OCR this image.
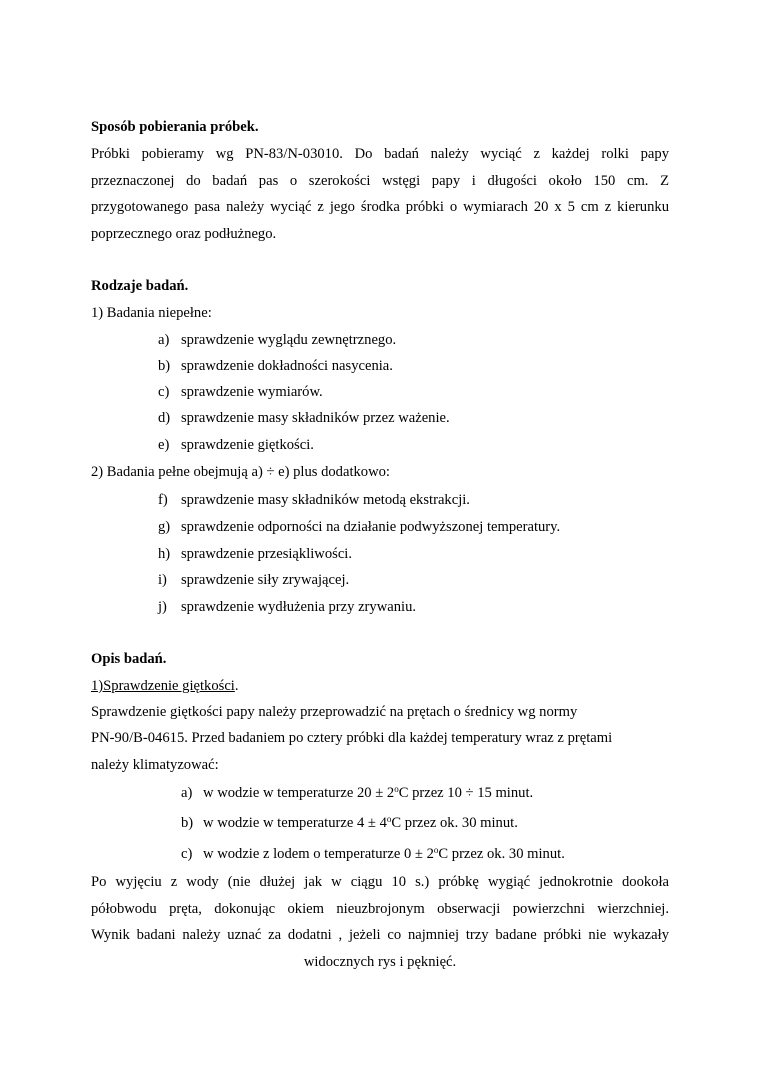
Sposób pobierania próbek.
Próbki pobieramy wg PN-83/N-03010. Do badań należy wyciąć z każdej rolki papy
przeznaczonej do badań pas o szerokości wstęgi papy i długości około 150 cm. Z
przygotowanego pasa należy wyciąć z jego środka próbki o wymiarach 20 x 5 cm z kierunku
poprzecznego oraz podłużnego.
Rodzaje badań.
1) Badania niepełne:
a) sprawdzenie wyglądu zewnętrznego.
b) sprawdzenie dokładności nasycenia.
c) sprawdzenie wymiarów.
d) sprawdzenie masy składników przez ważenie.
e) sprawdzenie giętkości.
2) Badania pełne obejmują a) ÷ e) plus dodatkowo:
f) sprawdzenie masy składników metodą ekstrakcji.
g) sprawdzenie odporności na działanie podwyższonej temperatury.
h) sprawdzenie przesiąkliwości.
i) sprawdzenie siły zrywającej.
j) sprawdzenie wydłużenia przy zrywaniu.
Opis badań.
1)Sprawdzenie giętkości.
Sprawdzenie giętkości papy należy przeprowadzić na prętach o średnicy wg normy
PN-90/B-04615. Przed badaniem po cztery próbki dla każdej temperatury wraz z prętami
należy klimatyzować:
a) w wodzie w temperaturze $20 \pm 2^oC$ przez 10 ÷ 15 minut.
b) w wodzie w temperaturze $4 \pm 4^oC$ przez ok. 30 minut.
c) w wodzie z lodem o temperaturze $0 \pm 2^oC$ przez ok. 30 minut.
Po wyjęciu z wody (nie dłużej jak w ciągu 10 s.) próbkę wygiąć jednokrotnie dookoła
półobwodu pręta, dokonując okiem nieuzbrojonym obserwacji powierzchni wierzchniej.
Wynik badani należy uznać za dodatni , jeżeli co najmniej trzy badane próbki nie wykazały
widocznych rys i pęknięć.
